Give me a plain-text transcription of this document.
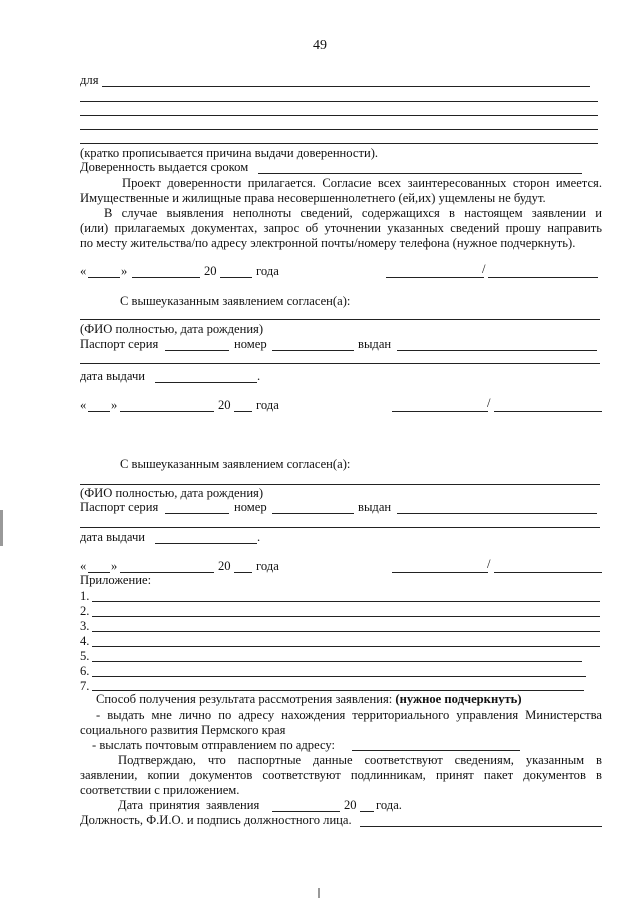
49
для
(кратко прописывается причина выдачи доверенности).
Доверенность выдается сроком
Проект доверенности прилагается. Согласие всех заинтересованных сторон имеется.
Имущественные и жилищные права несовершеннолетнего (ей,их) ущемлены не будут.
В случае выявления неполноты сведений, содержащихся в настоящем заявлении и
(или) прилагаемых документах, запрос об уточнении указанных сведений прошу направить
по месту жительства/по адресу электронной почты/номеру телефона (нужное подчеркнуть).
«	»	20	года	/
С вышеуказанным заявлением согласен(а):
(ФИО полностью, дата рождения)
Паспорт серия	номер	выдан
дата выдачи	.
« »	20 года	/
С вышеуказанным заявлением согласен(а):
(ФИО полностью, дата рождения)
Паспорт серия	номер	выдан
дата выдачи	.
« »	20 года	/
Приложение:
1.
2.
3.
4.
5.
6.
7.
Способ получения результата рассмотрения заявления: (нужное подчеркнуть)
- выдать мне лично по адресу нахождения территориального управления Министерства
социального развития Пермского края
- выслать почтовым отправлением по адресу:
Подтверждаю, что паспортные данные соответствуют сведениям, указанным в
заявлении, копии документов соответствуют подлинникам, принят пакет документов в
соответствии с приложением.
Дата  принятия  заявления	20 года.
Должность, Ф.И.О. и подпись должностного лица.
